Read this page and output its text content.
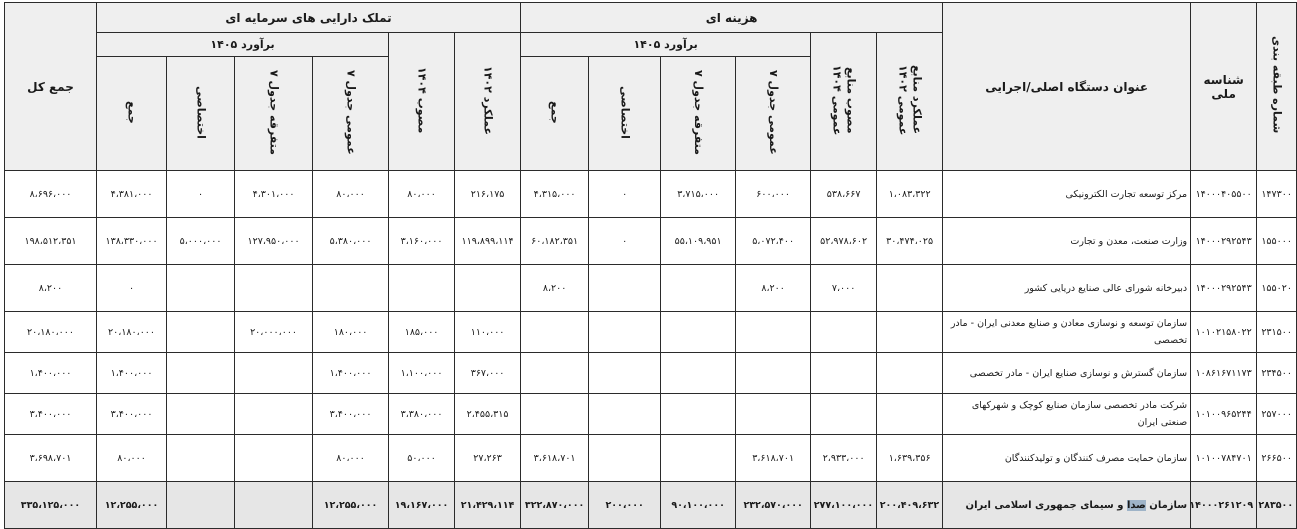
شماره طبقه بندی	شناسه ملی	عنوان دستگاه اصلی/اجرایی	هزینه ای						تملک دارایی های سرمایه ای						جمع کل
			عملکرد منابع عمومی ۱۴۰۲	مصوب منابع عمومی ۱۴۰۴	برآورد ۱۴۰۵				عملکرد ۱۴۰۲	مصوب ۱۴۰۴	برآورد ۱۴۰۵				
					عمومی جدول ۷	متفرقه جدول ۷	اختصاصی	جمع			عمومی جدول ۷	متفرقه جدول ۷	اختصاصی	جمع	
۱۴۷۳۰۰	۱۴۰۰۰۴۰۵۵۰۰	مرکز توسعه تجارت الکترونیکی	۱،۰۸۳،۳۲۲	۵۳۸،۶۶۷	۶۰۰،۰۰۰	۳،۷۱۵،۰۰۰	۰	۴،۳۱۵،۰۰۰	۲۱۶،۱۷۵	۸۰،۰۰۰	۸۰،۰۰۰	۴،۳۰۱،۰۰۰	۰	۴،۳۸۱،۰۰۰	۸،۶۹۶،۰۰۰
۱۵۵۰۰۰	۱۴۰۰۰۲۹۲۵۴۳	وزارت صنعت، معدن و تجارت	۳۰،۴۷۴،۰۲۵	۵۲،۹۷۸،۶۰۲	۵،۰۷۲،۴۰۰	۵۵،۱۰۹،۹۵۱	۰	۶۰،۱۸۲،۳۵۱	۱۱۹،۸۹۹،۱۱۴	۳،۱۶۰،۰۰۰	۵،۳۸۰،۰۰۰	۱۲۷،۹۵۰،۰۰۰	۵،۰۰۰،۰۰۰	۱۳۸،۳۳۰،۰۰۰	۱۹۸،۵۱۲،۳۵۱
۱۵۵۰۲۰	۱۴۰۰۰۲۹۲۵۴۳	دبیرخانه شورای عالی صنایع دریایی کشور		۷،۰۰۰	۸،۲۰۰			۸،۲۰۰						۰	۸،۲۰۰
۲۳۱۵۰۰	۱۰۱۰۲۱۵۸۰۲۲	سازمان توسعه و نوسازی معادن و صنایع معدنی ایران - مادر تخصصی							۱۱۰،۰۰۰	۱۸۵،۰۰۰	۱۸۰،۰۰۰	۲۰،۰۰۰،۰۰۰		۲۰،۱۸۰،۰۰۰	۲۰،۱۸۰،۰۰۰
۲۳۴۵۰۰	۱۰۸۶۱۶۷۱۱۷۳	سازمان گسترش و نوسازی صنایع ایران - مادر تخصصی							۳۶۷،۰۰۰	۱،۱۰۰،۰۰۰	۱،۴۰۰،۰۰۰			۱،۴۰۰،۰۰۰	۱،۴۰۰،۰۰۰
۲۵۷۰۰۰	۱۰۱۰۰۹۶۵۲۴۴	شرکت مادر تخصصی سازمان صنایع کوچک و شهرکهای صنعتی ایران							۲،۴۵۵،۳۱۵	۳،۳۸۰،۰۰۰	۳،۴۰۰،۰۰۰			۳،۴۰۰،۰۰۰	۳،۴۰۰،۰۰۰
۲۶۶۵۰۰	۱۰۱۰۰۷۸۴۷۰۱	سازمان حمایت مصرف کنندگان و تولیدکنندگان	۱،۶۳۹،۳۵۶	۲،۹۳۳،۰۰۰	۳،۶۱۸،۷۰۱			۳،۶۱۸،۷۰۱	۲۷،۲۶۳	۵۰،۰۰۰	۸۰،۰۰۰			۸۰،۰۰۰	۳،۶۹۸،۷۰۱
۲۸۳۵۰۰	۱۴۰۰۰۲۶۱۲۰۹	سازمان صدا و سیمای جمهوری اسلامی ایران	۲۰۰،۴۰۹،۶۳۲	۲۷۷،۱۰۰،۰۰۰	۲۳۲،۵۷۰،۰۰۰	۹۰،۱۰۰،۰۰۰	۲۰۰،۰۰۰	۳۲۲،۸۷۰،۰۰۰	۲۱،۴۲۹،۱۱۴	۱۹،۱۶۷،۰۰۰	۱۲،۲۵۵،۰۰۰			۱۲،۲۵۵،۰۰۰	۳۳۵،۱۲۵،۰۰۰
